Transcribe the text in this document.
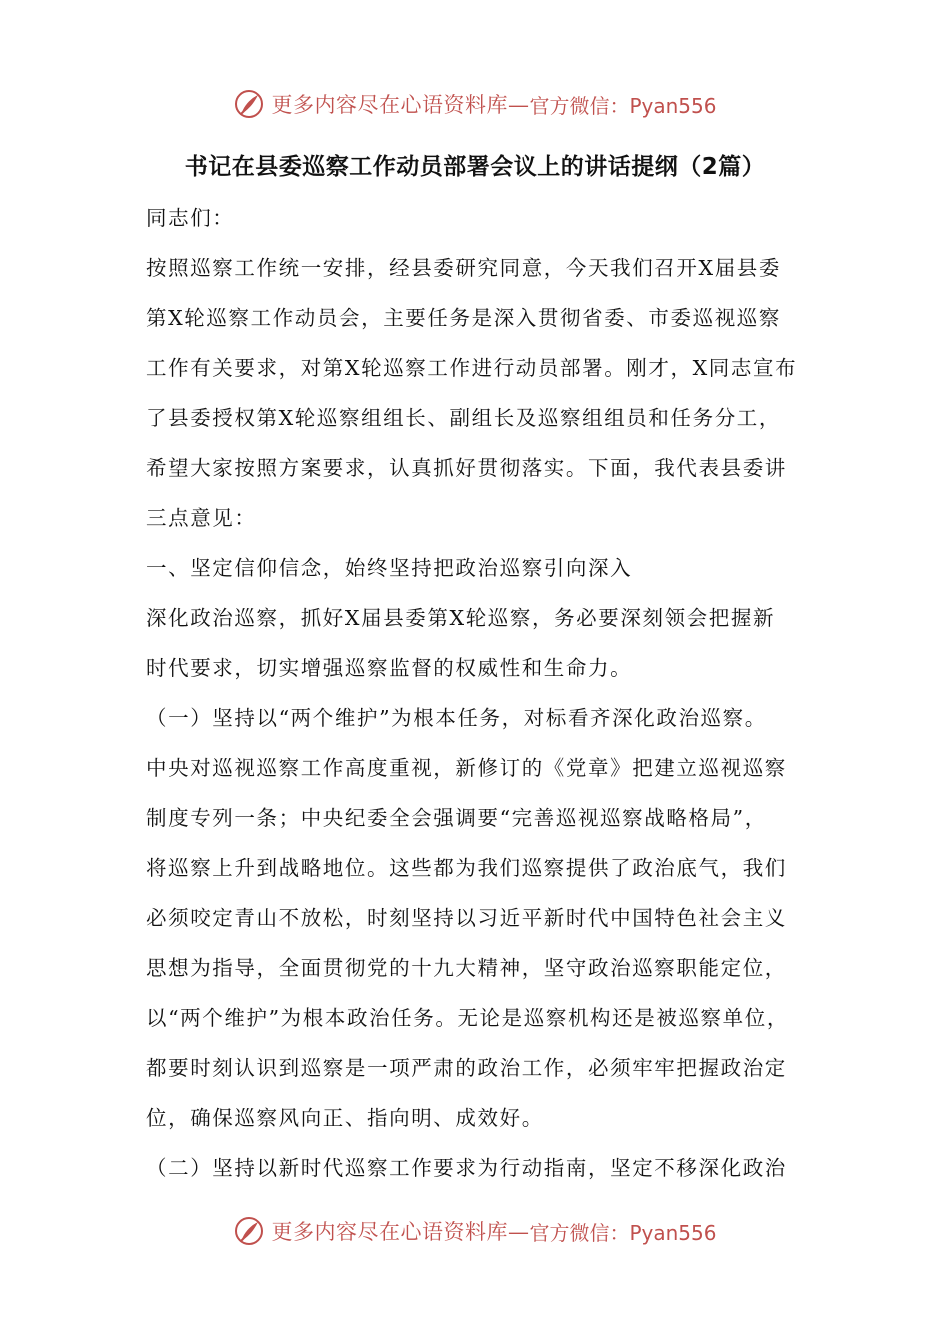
更多内容尽在心语资料库— 官方微信：Pyan556
书记在县委巡察工作动员部署会议上的讲话提纲（2篇）
同志们：
按照巡察工作统一安排，经县委研究同意，今天我们召开X届县委
第X轮巡察工作动员会，主要任务是深入贯彻省委、市委巡视巡察
工作有关要求，对第X轮巡察工作进行动员部署。刚才，X同志宣布
了县委授权第X轮巡察组组长、副组长及巡察组组员和任务分工，
希望大家按照方案要求，认真抓好贯彻落实。下面，我代表县委讲
三点意见：
一、坚定信仰信念，始终坚持把政治巡察引向深入
深化政治巡察，抓好X届县委第X轮巡察，务必要深刻领会把握新
时代要求，切实增强巡察监督的权威性和生命力。
（一）坚持以“两个维护”为根本任务，对标看齐深化政治巡察。
中央对巡视巡察工作高度重视，新修订的《党章》把建立巡视巡察
制度专列一条；中央纪委全会强调要“完善巡视巡察战略格局”，
将巡察上升到战略地位。这些都为我们巡察提供了政治底气，我们
必须咬定青山不放松，时刻坚持以习近平新时代中国特色社会主义
思想为指导，全面贯彻党的十九大精神，坚守政治巡察职能定位，
以“两个维护”为根本政治任务。无论是巡察机构还是被巡察单位，
都要时刻认识到巡察是一项严肃的政治工作，必须牢牢把握政治定
位，确保巡察风向正、指向明、成效好。
（二）坚持以新时代巡察工作要求为行动指南，坚定不移深化政治
更多内容尽在心语资料库— 官方微信：Pyan556
